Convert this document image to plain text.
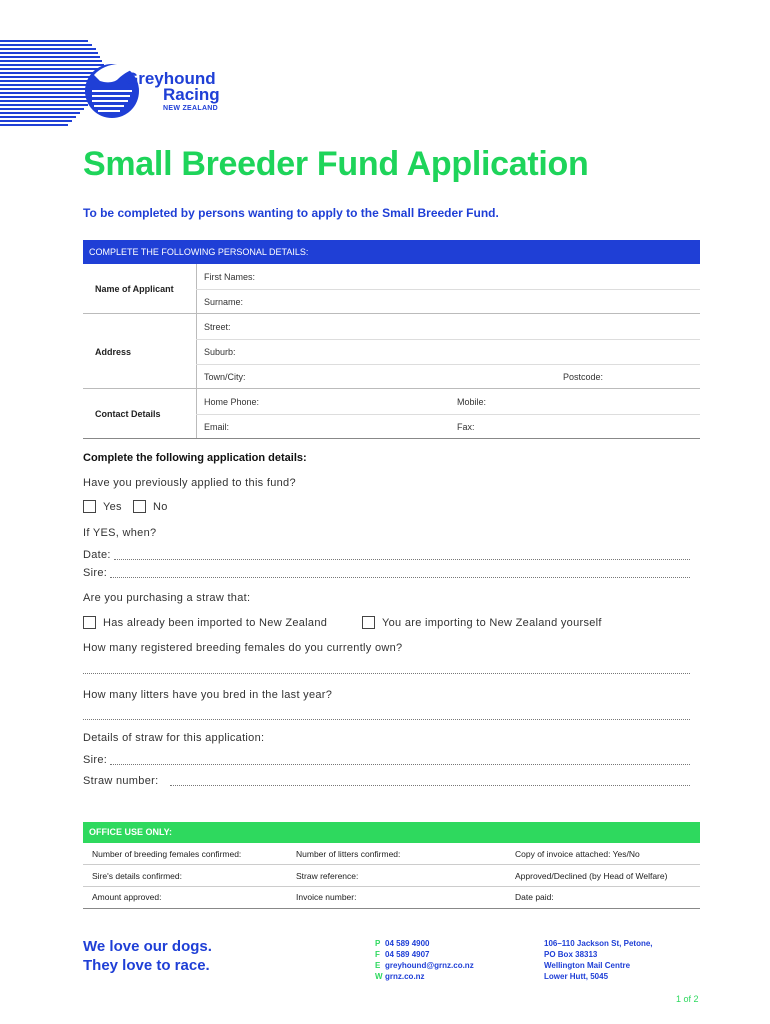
Greyhound
Racing
NEW ZEALAND
Small Breeder Fund Application
To be completed by persons wanting to apply to the Small Breeder Fund.
COMPLETE THE FOLLOWING PERSONAL DETAILS:
Name of Applicant
First Names:
Surname:
Address
Street:
Suburb:
Town/City:	Postcode:
Contact Details
Home Phone:	Mobile:
Email:	Fax:
Complete the following application details:
Have you previously applied to this fund?
Yes	No
If YES, when?
Date:
Sire:
Are you purchasing a straw that:
Has already been imported to New Zealand	You are importing to New Zealand yourself
How many registered breeding females do you currently own?
How many litters have you bred in the last year?
Details of straw for this application:
Sire:
Straw number:
OFFICE USE ONLY:
Number of breeding females confirmed:	Number of litters confirmed:	Copy of invoice attached: Yes/No
Sire's details confirmed:	Straw reference:	Approved/Declined (by Head of Welfare)
Amount approved:	Invoice number:	Date paid:
We love our dogs.
They love to race.
P 04 589 4900
F 04 589 4907
E greyhound@grnz.co.nz
W grnz.co.nz
106–110 Jackson St, Petone,
PO Box 38313
Wellington Mail Centre
Lower Hutt, 5045
1 of 2
